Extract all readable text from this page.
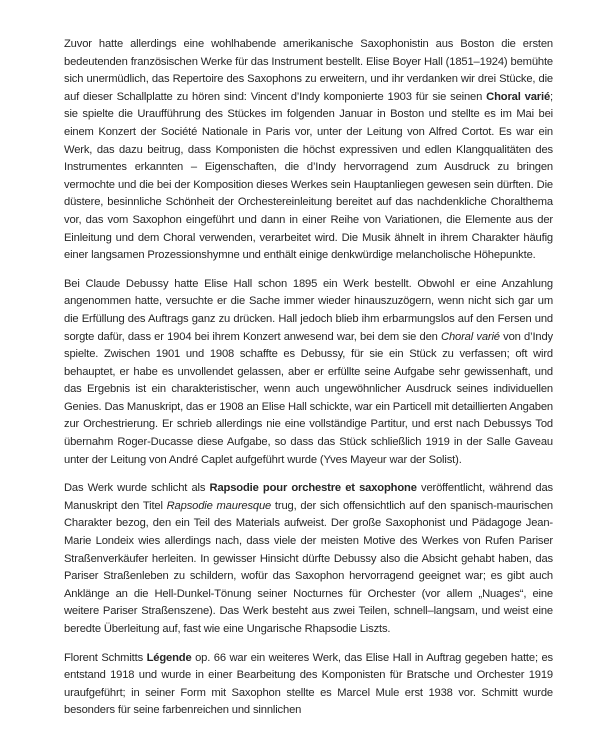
Zuvor hatte allerdings eine wohlhabende amerikanische Saxophonistin aus Boston die ersten bedeutenden französischen Werke für das Instrument bestellt. Elise Boyer Hall (1851–1924) bemühte sich unermüdlich, das Repertoire des Saxophons zu erweitern, und ihr verdanken wir drei Stücke, die auf dieser Schallplatte zu hören sind: Vincent d’Indy komponierte 1903 für sie seinen Choral varié; sie spielte die Uraufführung des Stückes im folgenden Januar in Boston und stellte es im Mai bei einem Konzert der Société Nationale in Paris vor, unter der Leitung von Alfred Cortot. Es war ein Werk, das dazu beitrug, dass Komponisten die höchst expressiven und edlen Klangqualitäten des Instrumentes erkannten – Eigenschaften, die d’Indy hervorragend zum Ausdruck zu bringen vermochte und die bei der Komposition dieses Werkes sein Hauptanliegen gewesen sein dürften. Die düstere, besinnliche Schönheit der Orchestereinleitung bereitet auf das nachdenkliche Choralthema vor, das vom Saxophon eingeführt und dann in einer Reihe von Variationen, die Elemente aus der Einleitung und dem Choral verwenden, verarbeitet wird. Die Musik ähnelt in ihrem Charakter häufig einer langsamen Prozessionshymne und enthält einige denkwürdige melancholische Höhepunkte.

Bei Claude Debussy hatte Elise Hall schon 1895 ein Werk bestellt. Obwohl er eine Anzahlung angenommen hatte, versuchte er die Sache immer wieder hinauszuzögern, wenn nicht sich gar um die Erfüllung des Auftrags ganz zu drücken. Hall jedoch blieb ihm erbarmungslos auf den Fersen und sorgte dafür, dass er 1904 bei ihrem Konzert anwesend war, bei dem sie den Choral varié von d’Indy spielte. Zwischen 1901 und 1908 schaffte es Debussy, für sie ein Stück zu verfassen; oft wird behauptet, er habe es unvollendet gelassen, aber er erfüllte seine Aufgabe sehr gewissenhaft, und das Ergebnis ist ein charakteristischer, wenn auch ungewöhnlicher Ausdruck seines individuellen Genies. Das Manuskript, das er 1908 an Elise Hall schickte, war ein Particell mit detaillierten Angaben zur Orchestrierung. Er schrieb allerdings nie eine vollständige Partitur, und erst nach Debussys Tod übernahm Roger-Ducasse diese Aufgabe, so dass das Stück schließlich 1919 in der Salle Gaveau unter der Leitung von André Caplet aufgeführt wurde (Yves Mayeur war der Solist).

Das Werk wurde schlicht als Rapsodie pour orchestre et saxophone veröffentlicht, während das Manuskript den Titel Rapsodie mauresque trug, der sich offensichtlich auf den spanisch-maurischen Charakter bezog, den ein Teil des Materials aufweist. Der große Saxophonist und Pädagoge Jean-Marie Londeix wies allerdings nach, dass viele der meisten Motive des Werkes von Rufen Pariser Straßenverkäufer herleiten. In gewisser Hinsicht dürfte Debussy also die Absicht gehabt haben, das Pariser Straßenleben zu schildern, wofür das Saxophon hervorragend geeignet war; es gibt auch Anklänge an die Hell-Dunkel-Tönung seiner Nocturnes für Orchester (vor allem „Nuages“, eine weitere Pariser Straßenszene). Das Werk besteht aus zwei Teilen, schnell–langsam, und weist eine beredte Überleitung auf, fast wie eine Ungarische Rhapsodie Liszts.

Florent Schmitts Légende op. 66 war ein weiteres Werk, das Elise Hall in Auftrag gegeben hatte; es entstand 1918 und wurde in einer Bearbeitung des Komponisten für Bratsche und Orchester 1919 uraufgeführt; in seiner Form mit Saxophon stellte es Marcel Mule erst 1938 vor. Schmitt wurde besonders für seine farbenreichen und sinnlichen
